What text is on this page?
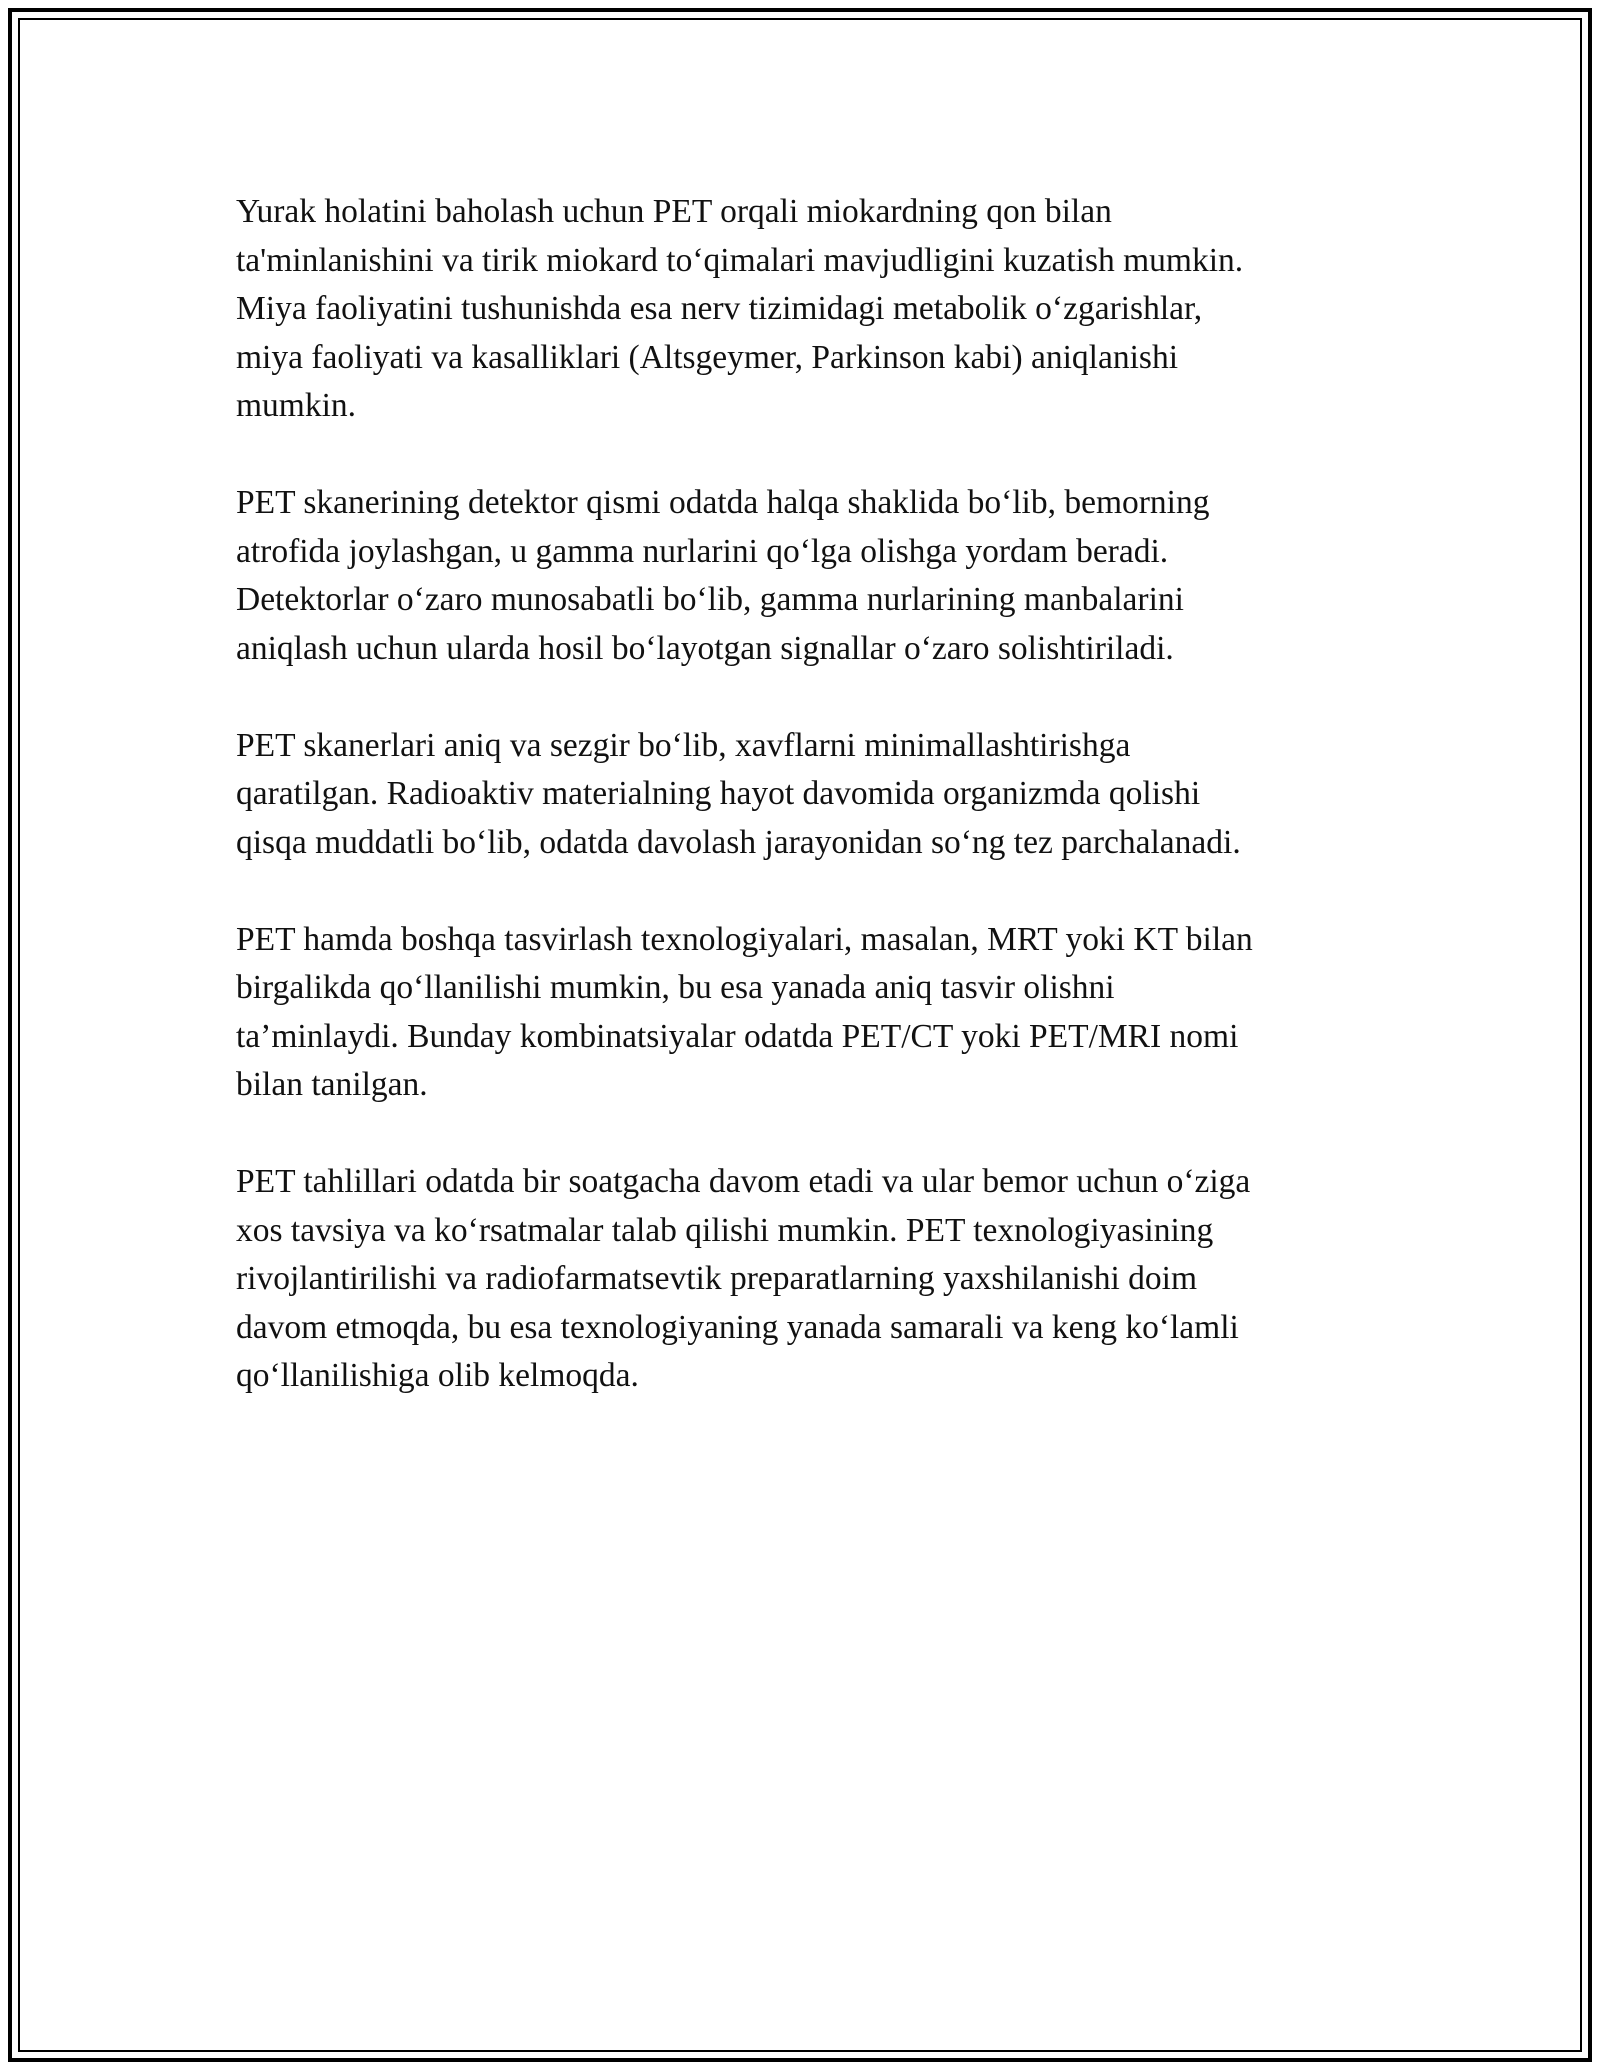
Yurak holatini baholash uchun PET orqali miokardning qon bilan
ta'minlanishini va tirik miokard to‘qimalari mavjudligini kuzatish mumkin.
Miya faoliyatini tushunishda esa nerv tizimidagi metabolik o‘zgarishlar,
miya faoliyati va kasalliklari (Altsgeymer, Parkinson kabi) aniqlanishi
mumkin.

PET skanerining detektor qismi odatda halqa shaklida bo‘lib, bemorning
atrofida joylashgan, u gamma nurlarini qo‘lga olishga yordam beradi.
Detektorlar o‘zaro munosabatli bo‘lib, gamma nurlarining manbalarini
aniqlash uchun ularda hosil bo‘layotgan signallar o‘zaro solishtiriladi.

PET skanerlari aniq va sezgir bo‘lib, xavflarni minimallashtirishga
qaratilgan. Radioaktiv materialning hayot davomida organizmda qolishi
qisqa muddatli bo‘lib, odatda davolash jarayonidan so‘ng tez parchalanadi.

PET hamda boshqa tasvirlash texnologiyalari, masalan, MRT yoki KT bilan
birgalikda qo‘llanilishi mumkin, bu esa yanada aniq tasvir olishni
ta’minlaydi. Bunday kombinatsiyalar odatda PET/CT yoki PET/MRI nomi
bilan tanilgan.

PET tahlillari odatda bir soatgacha davom etadi va ular bemor uchun o‘ziga
xos tavsiya va ko‘rsatmalar talab qilishi mumkin. PET texnologiyasining
rivojlantirilishi va radiofarmatsevtik preparatlarning yaxshilanishi doim
davom etmoqda, bu esa texnologiyaning yanada samarali va keng ko‘lamli
qo‘llanilishiga olib kelmoqda.
